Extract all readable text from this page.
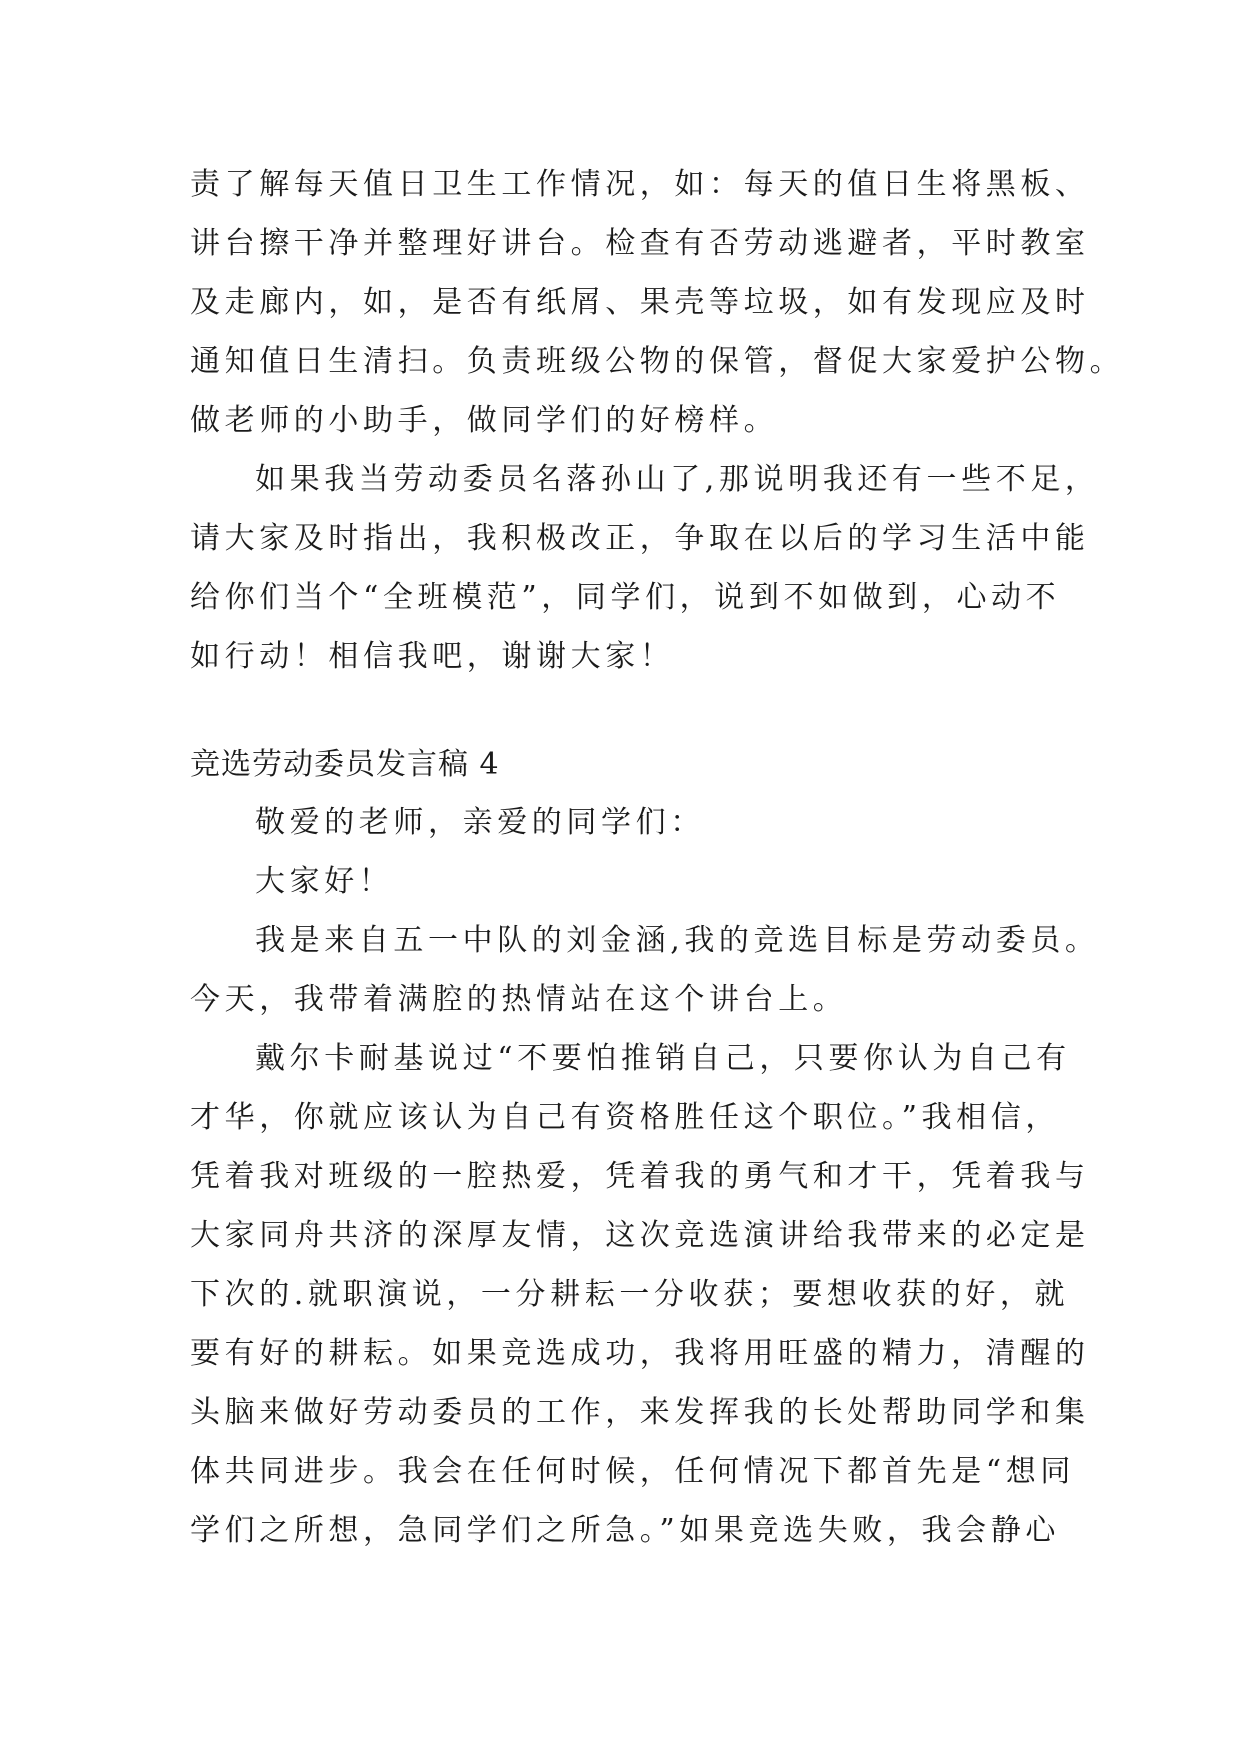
责了解每天值日卫生工作情况，如：每天的值日生将黑板、
讲台擦干净并整理好讲台。检查有否劳动逃避者，平时教室
及走廊内，如，是否有纸屑、果壳等垃圾，如有发现应及时
通知值日生清扫。负责班级公物的保管，督促大家爱护公物。
做老师的小助手，做同学们的好榜样。
如果我当劳动委员名落孙山了,那说明我还有一些不足，
请大家及时指出，我积极改正，争取在以后的学习生活中能
给你们当个“全班模范”，同学们，说到不如做到，心动不
如行动！相信我吧，谢谢大家！
竞选劳动委员发言稿 4
敬爱的老师，亲爱的同学们：
大家好！
我是来自五一中队的刘金涵,我的竞选目标是劳动委员。
今天，我带着满腔的热情站在这个讲台上。
戴尔卡耐基说过“不要怕推销自己，只要你认为自己有
才华，你就应该认为自己有资格胜任这个职位。”我相信，
凭着我对班级的一腔热爱，凭着我的勇气和才干，凭着我与
大家同舟共济的深厚友情，这次竞选演讲给我带来的必定是
下次的.就职演说，一分耕耘一分收获；要想收获的好，就
要有好的耕耘。如果竞选成功，我将用旺盛的精力，清醒的
头脑来做好劳动委员的工作，来发挥我的长处帮助同学和集
体共同进步。我会在任何时候，任何情况下都首先是“想同
学们之所想，急同学们之所急。”如果竞选失败，我会静心
